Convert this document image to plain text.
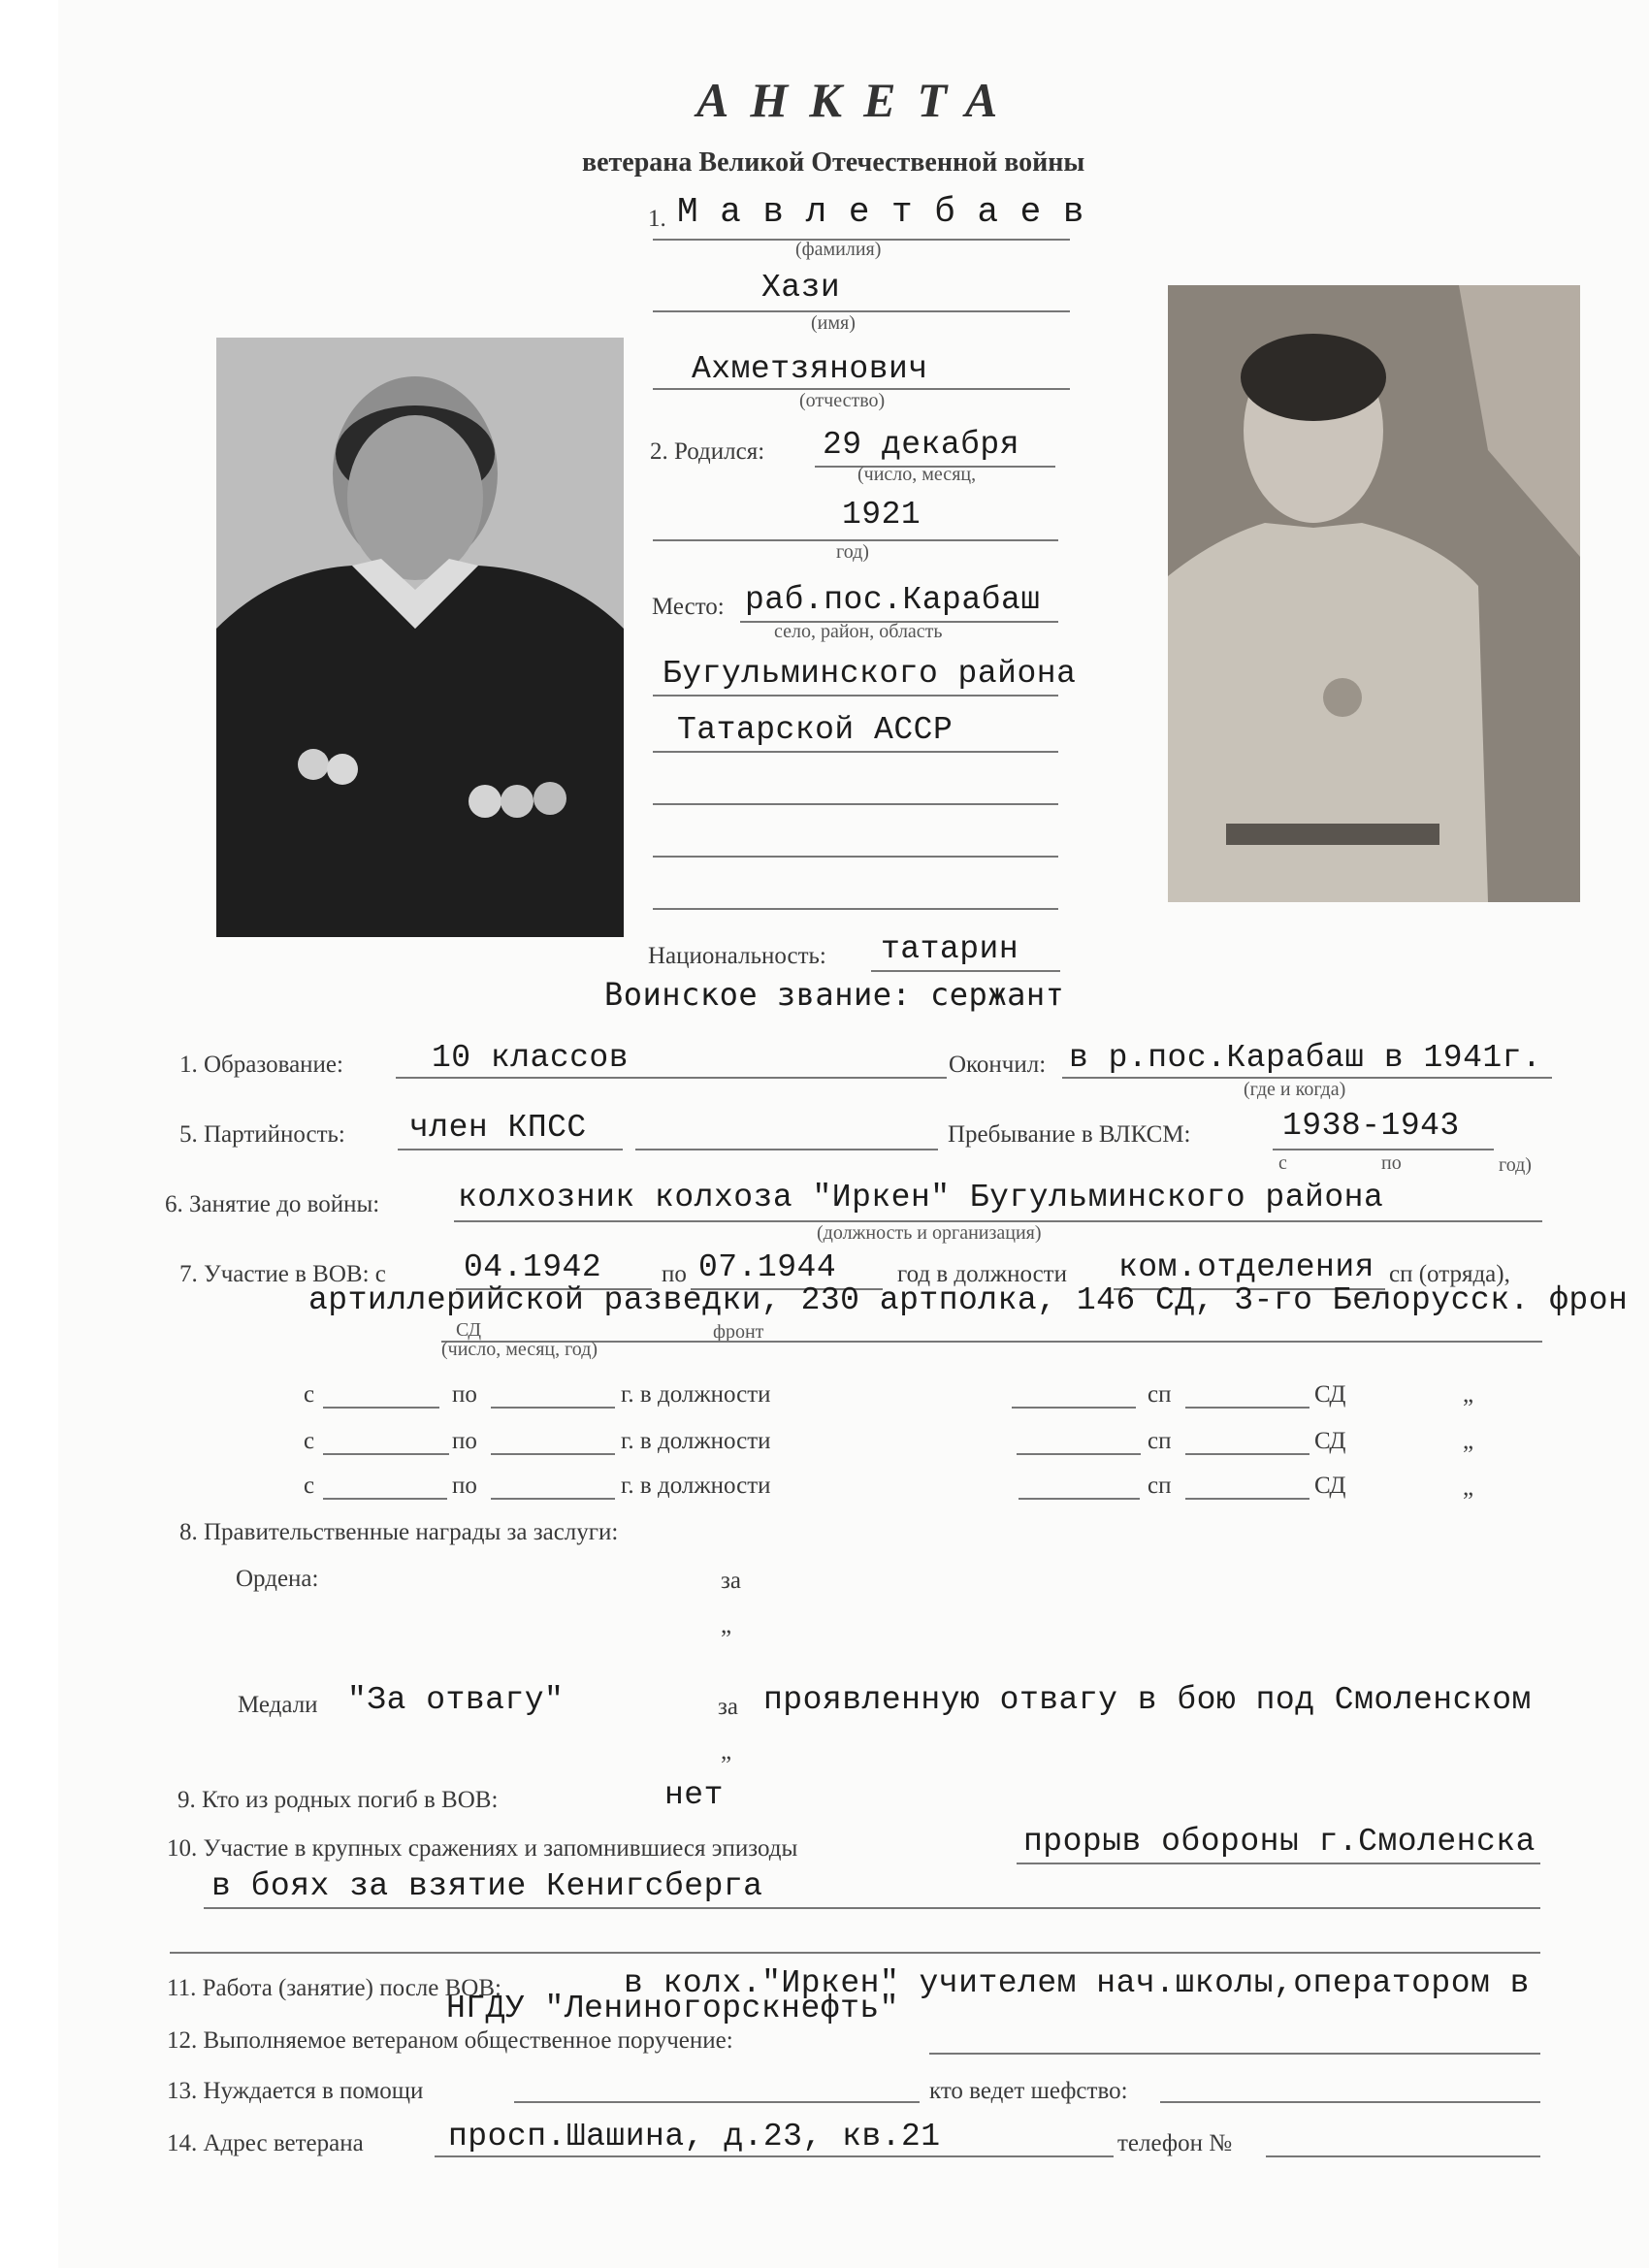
АНКЕТА
ветерана Великой Отечественной войны
1. М а в л е т б а е в
(фамилия)
Хази
(имя)
Ахметзянович
(отчество)
2. Родился: 29 декабря
(число, месяц,
1921
год)
Место: раб.пос.Карабаш
село, район, область
Бугульминского района
Татарской АССР
Национальность: татарин
Воинское звание: сержант
1. Образование:	10 классов	Окончил: в р.пос.Карабаш в 1941г.
(где и когда)
5. Партийность: член КПСС	Пребывание в ВЛКСМ:	1938-1943
с	по	год)
6. Занятие до войны: колхозник колхоза "Иркен" Бугульминского района
(должность и организация)
7. Участие в ВОВ: с 04.1942 по 07.1944	год в должности ком.отделения сп (отряда),
СД	фронт
артиллерийской разведки, 230 артполка, 146 СД, 3-го Белорусск. фрон
(число, месяц, год)
с	по	г. в должности	сп	СД	„
с	по	г. в должности	сп	СД	„
с	по	г. в должности	сп	СД	„
8. Правительственные награды за заслуги:
Ордена:	за
„
Медали "За отвагу"	за проявленную отвагу в бою под Смоленском
„
9. Кто из родных погиб в ВОВ:	нет
10. Участие в крупных сражениях и запомнившиеся эпизоды	прорыв обороны г.Смоленска
в боях за взятие Кенигсберга
11. Работа (занятие) после ВОВ:	в колх."Иркен" учителем нач.школы,оператором в
НГДУ "Лениногорскнефть"
12. Выполняемое ветераном общественное поручение:
13. Нуждается в помощи	кто ведет шефство:
14. Адрес ветерана	просп.Шашина, д.23, кв.21	телефон №
